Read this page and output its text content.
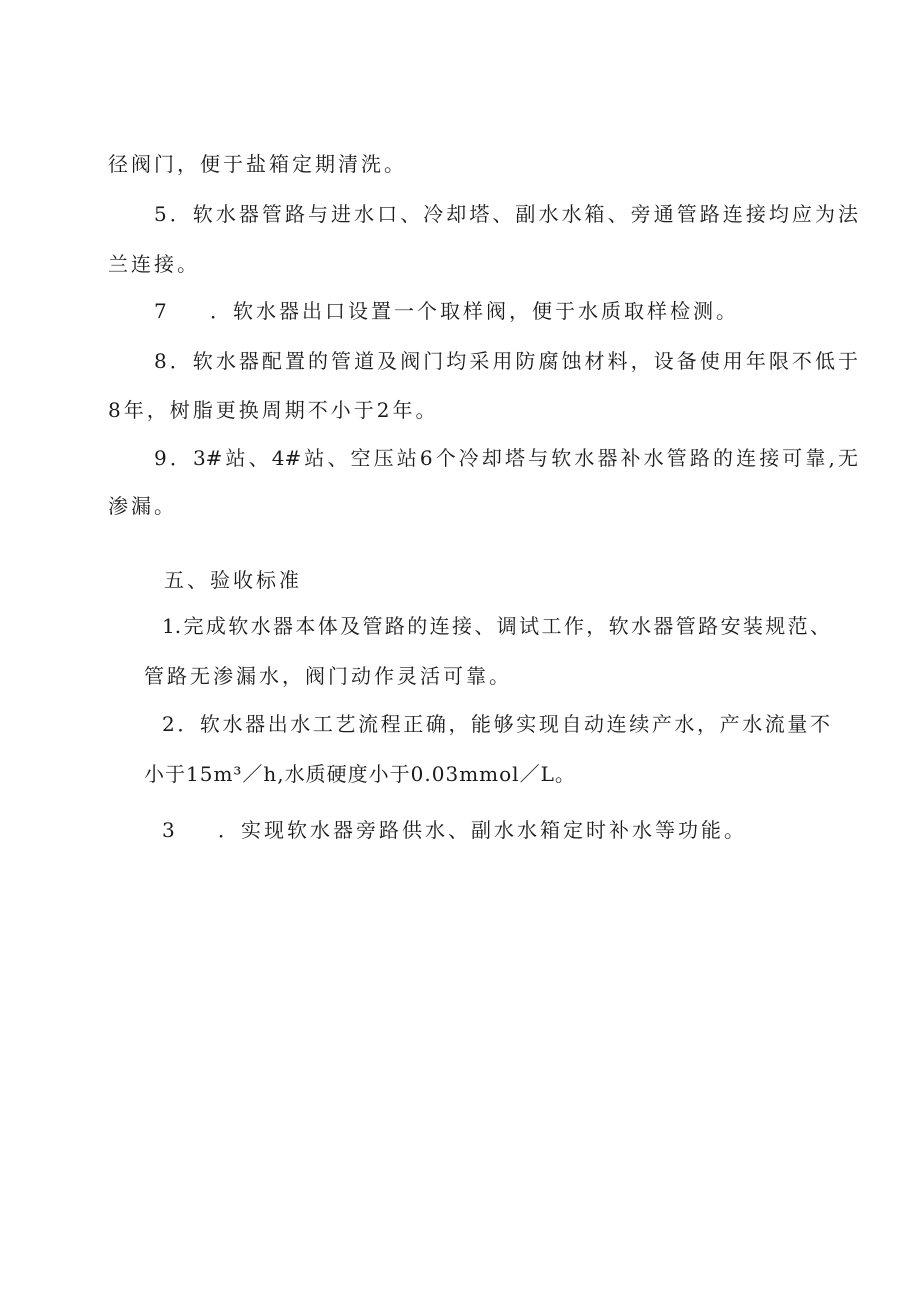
径阀门，便于盐箱定期清洗。

5．软水器管路与进水口、冷却塔、副水水箱、旁通管路连接均应为法

兰连接。

7 ．软水器出口设置一个取样阀，便于水质取样检测。

8．软水器配置的管道及阀门均采用防腐蚀材料，设备使用年限不低于

8年，树脂更换周期不小于2年。

9．3#站、4#站、空压站6个冷却塔与软水器补水管路的连接可靠,无

渗漏。

五、验收标准

1.完成软水器本体及管路的连接、调试工作，软水器管路安装规范、

管路无渗漏水，阀门动作灵活可靠。

2．软水器出水工艺流程正确，能够实现自动连续产水，产水流量不

小于15m³／h,水质硬度小于0.03mmol／L。

3 ．实现软水器旁路供水、副水水箱定时补水等功能。
